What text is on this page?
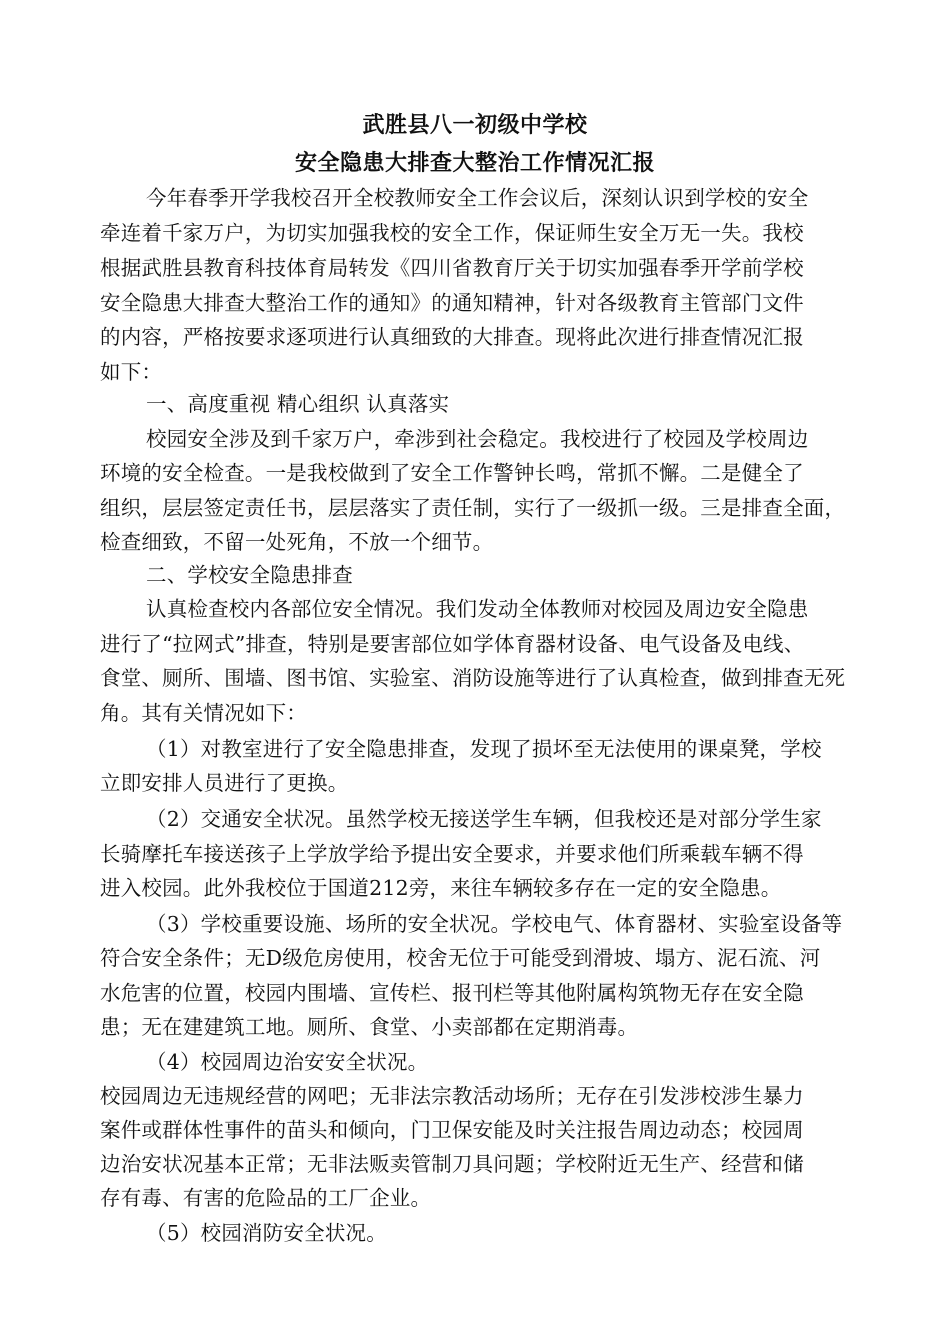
武胜县八一初级中学校
安全隐患大排查大整治工作情况汇报
今年春季开学我校召开全校教师安全工作会议后，深刻认识到学校的安全
牵连着千家万户，为切实加强我校的安全工作，保证师生安全万无一失。我校
根据武胜县教育科技体育局转发《四川省教育厅关于切实加强春季开学前学校
安全隐患大排查大整治工作的通知》的通知精神，针对各级教育主管部门文件
的内容，严格按要求逐项进行认真细致的大排查。现将此次进行排查情况汇报
如下：
一、高度重视 精心组织 认真落实
校园安全涉及到千家万户，牵涉到社会稳定。我校进行了校园及学校周边
环境的安全检查。一是我校做到了安全工作警钟长鸣，常抓不懈。二是健全了
组织，层层签定责任书，层层落实了责任制，实行了一级抓一级。三是排查全面，
检查细致，不留一处死角，不放一个细节。
二、学校安全隐患排查
认真检查校内各部位安全情况。我们发动全体教师对校园及周边安全隐患
进行了“拉网式”排查，特别是要害部位如学体育器材设备、电气设备及电线、
食堂、厕所、围墙、图书馆、实验室、消防设施等进行了认真检查，做到排查无死
角。其有关情况如下：
（1）对教室进行了安全隐患排查，发现了损坏至无法使用的课桌凳，学校
立即安排人员进行了更换。
（2）交通安全状况。虽然学校无接送学生车辆，但我校还是对部分学生家
长骑摩托车接送孩子上学放学给予提出安全要求，并要求他们所乘载车辆不得
进入校园。此外我校位于国道212旁，来往车辆较多存在一定的安全隐患。
（3）学校重要设施、场所的安全状况。学校电气、体育器材、实验室设备等
符合安全条件；无D级危房使用，校舍无位于可能受到滑坡、塌方、泥石流、河
水危害的位置，校园内围墙、宣传栏、报刊栏等其他附属构筑物无存在安全隐
患；无在建建筑工地。厕所、食堂、小卖部都在定期消毒。
（4）校园周边治安安全状况。
校园周边无违规经营的网吧；无非法宗教活动场所；无存在引发涉校涉生暴力
案件或群体性事件的苗头和倾向，门卫保安能及时关注报告周边动态；校园周
边治安状况基本正常；无非法贩卖管制刀具问题；学校附近无生产、经营和储
存有毒、有害的危险品的工厂企业。
（5）校园消防安全状况。
